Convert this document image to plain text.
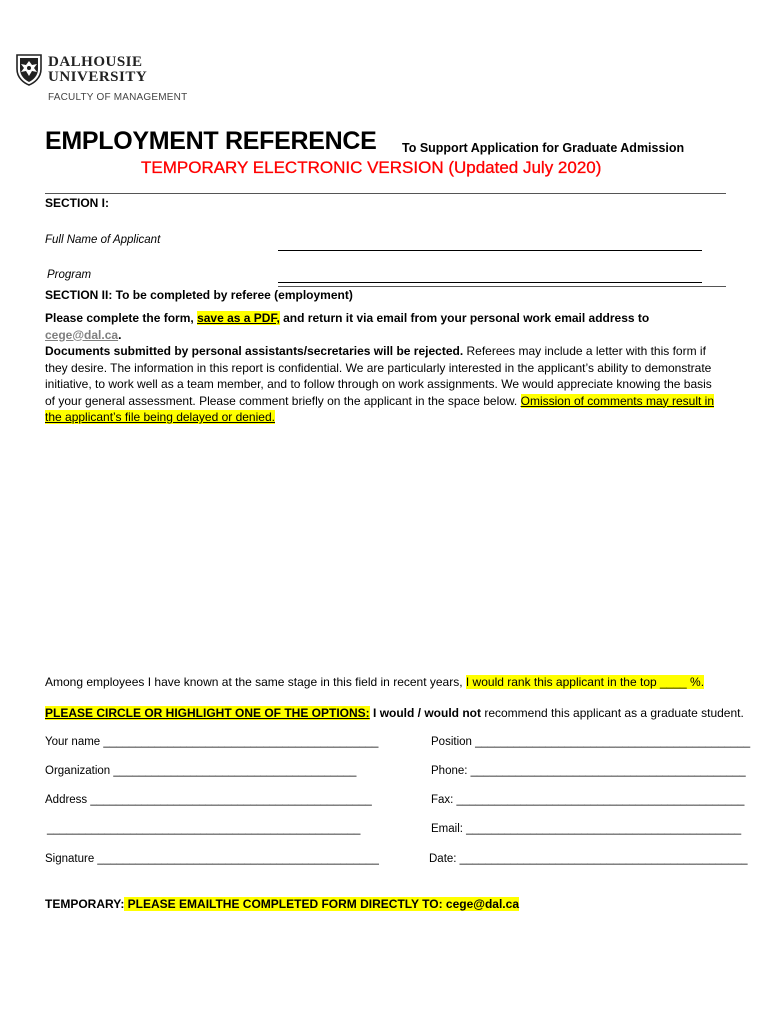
DALHOUSIE
UNIVERSITY
FACULTY OF MANAGEMENT
EMPLOYMENT REFERENCE To Support Application for Graduate Admission
TEMPORARY ELECTRONIC VERSION (Updated July 2020)
SECTION I:
Full Name of Applicant
Program
SECTION II: To be completed by referee (employment)
Please complete the form, save as a PDF, and return it via email from your personal work email address to cege@dal.ca.
Documents submitted by personal assistants/secretaries will be rejected. Referees may include a letter with this form if they desire. The information in this report is confidential. We are particularly interested in the applicant’s ability to demonstrate initiative, to work well as a team member, and to follow through on work assignments. We would appreciate knowing the basis of your general assessment. Please comment briefly on the applicant in the space below. Omission of comments may result in the applicant’s file being delayed or denied.
Among employees I have known at the same stage in this field in recent years, I would rank this applicant in the top ____ %.
PLEASE CIRCLE OR HIGHLIGHT ONE OF THE OPTIONS: I would / would not recommend this applicant as a graduate student.
Your name ___________________________________________	Position ___________________________________________
Organization ______________________________________	Phone: ___________________________________________
Address ____________________________________________	Fax: _____________________________________________
_________________________________________________	Email: ___________________________________________
Signature ____________________________________________	Date: _____________________________________________
TEMPORARY: PLEASE EMAILTHE COMPLETED FORM DIRECTLY TO: cege@dal.ca
